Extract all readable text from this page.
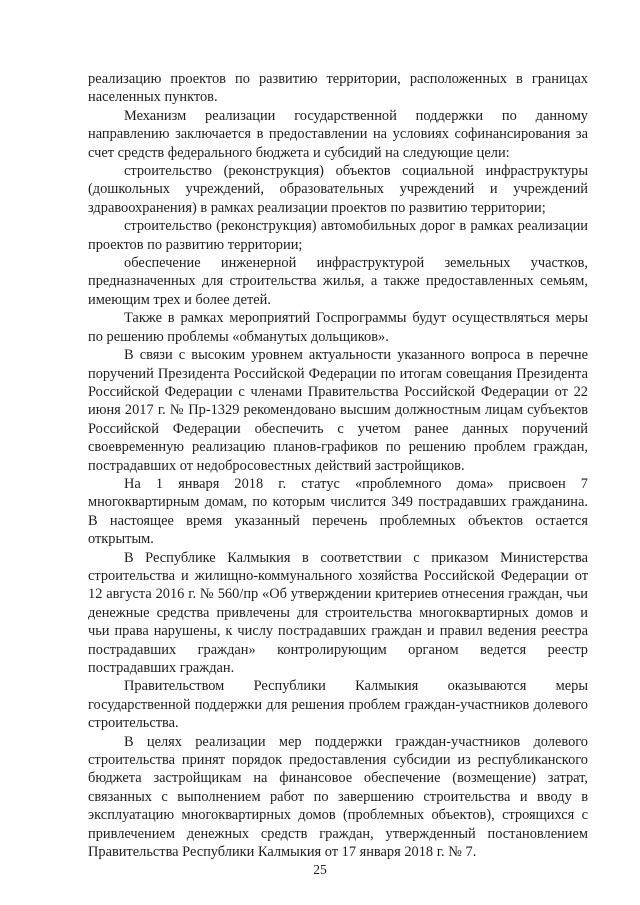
реализацию проектов по развитию территории, расположенных в границах населенных пунктов.

Механизм реализации государственной поддержки по данному направлению заключается в предоставлении на условиях софинансирования за счет средств федерального бюджета и субсидий на следующие цели:

строительство (реконструкция) объектов социальной инфраструктуры (дошкольных учреждений, образовательных учреждений и учреждений здравоохранения) в рамках реализации проектов по развитию территории;

строительство (реконструкция) автомобильных дорог в рамках реализации проектов по развитию территории;

обеспечение инженерной инфраструктурой земельных участков, предназначенных для строительства жилья, а также предоставленных семьям, имеющим трех и более детей.

Также в рамках мероприятий Госпрограммы будут осуществляться меры по решению проблемы «обманутых дольщиков».

В связи с высоким уровнем актуальности указанного вопроса в перечне поручений Президента Российской Федерации по итогам совещания Президента Российской Федерации с членами Правительства Российской Федерации от 22 июня 2017 г. № Пр-1329 рекомендовано высшим должностным лицам субъектов Российской Федерации обеспечить с учетом ранее данных поручений своевременную реализацию планов-графиков по решению проблем граждан, пострадавших от недобросовестных действий застройщиков.

На 1 января 2018 г. статус «проблемного дома» присвоен 7 многоквартирным домам, по которым числится 349 пострадавших гражданина. В настоящее время указанный перечень проблемных объектов остается открытым.

В Республике Калмыкия в соответствии с приказом Министерства строительства и жилищно-коммунального хозяйства Российской Федерации от 12 августа 2016 г. № 560/пр «Об утверждении критериев отнесения граждан, чьи денежные средства привлечены для строительства многоквартирных домов и чьи права нарушены, к числу пострадавших граждан и правил ведения реестра пострадавших граждан» контролирующим органом ведется реестр пострадавших граждан.

Правительством Республики Калмыкия оказываются меры государственной поддержки для решения проблем граждан-участников долевого строительства.

В целях реализации мер поддержки граждан-участников долевого строительства принят порядок предоставления субсидии из республиканского бюджета застройщикам на финансовое обеспечение (возмещение) затрат, связанных с выполнением работ по завершению строительства и вводу в эксплуатацию многоквартирных домов (проблемных объектов), строящихся с привлечением денежных средств граждан, утвержденный постановлением Правительства Республики Калмыкия от 17 января 2018 г. № 7.

25
